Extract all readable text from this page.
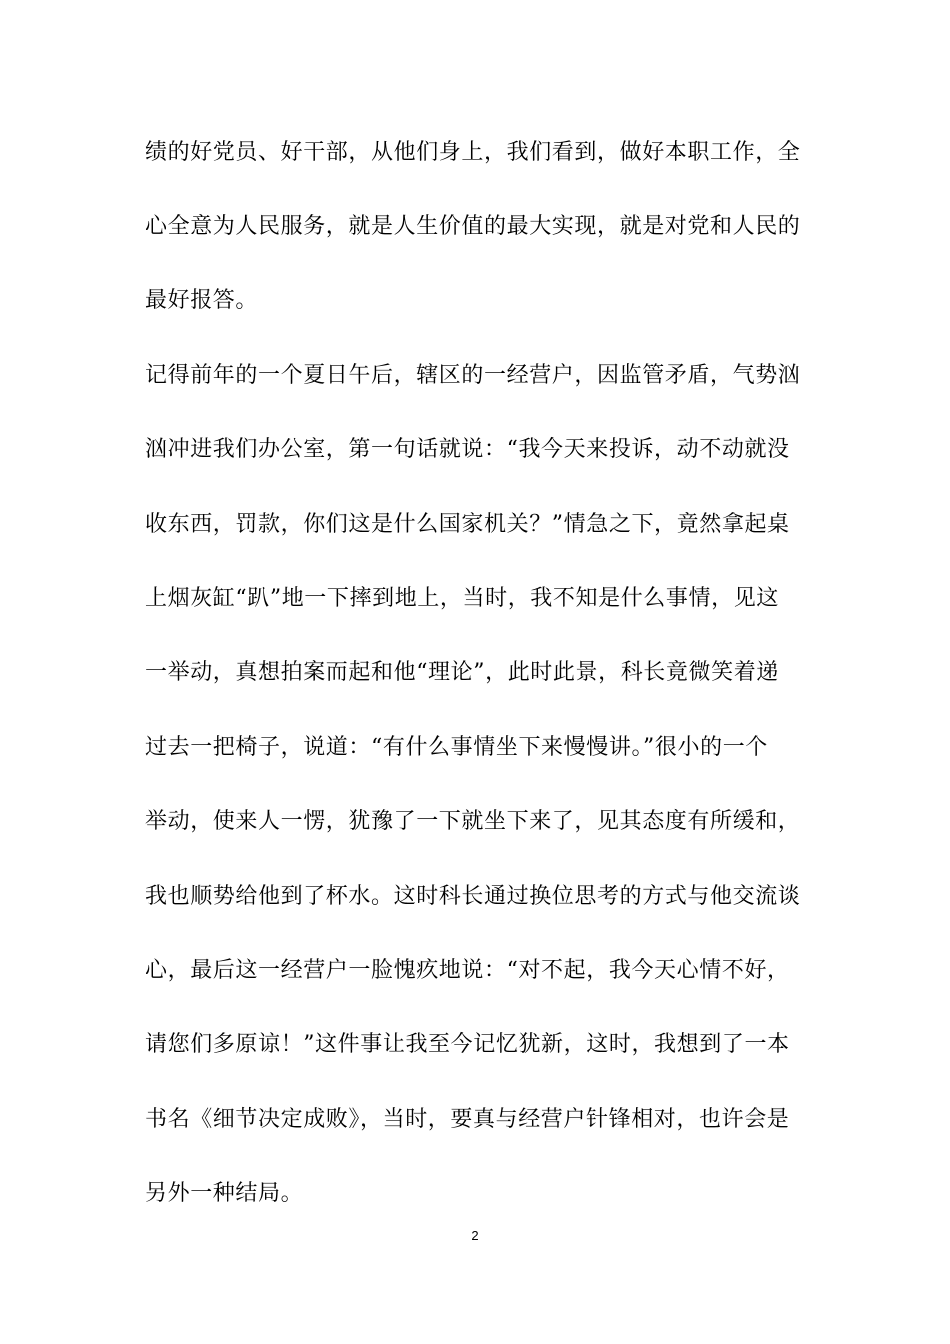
绩的好党员、好干部，从他们身上，我们看到，做好本职工作，全
心全意为人民服务，就是人生价值的最大实现，就是对党和人民的
最好报答。
记得前年的一个夏日午后，辖区的一经营户，因监管矛盾，气势汹
汹冲进我们办公室，第一句话就说：“我今天来投诉，动不动就没
收东西，罚款，你们这是什么国家机关？”情急之下，竟然拿起桌
上烟灰缸“趴”地一下摔到地上，当时，我不知是什么事情，见这
一举动，真想拍案而起和他“理论”，此时此景，科长竟微笑着递
过去一把椅子，说道：“有什么事情坐下来慢慢讲。”很小的一个
举动，使来人一愣，犹豫了一下就坐下来了，见其态度有所缓和，
我也顺势给他到了杯水。这时科长通过换位思考的方式与他交流谈
心，最后这一经营户一脸愧疚地说：“对不起，我今天心情不好，
请您们多原谅！”这件事让我至今记忆犹新，这时，我想到了一本
书名《细节决定成败》，当时，要真与经营户针锋相对，也许会是
另外一种结局。
2
